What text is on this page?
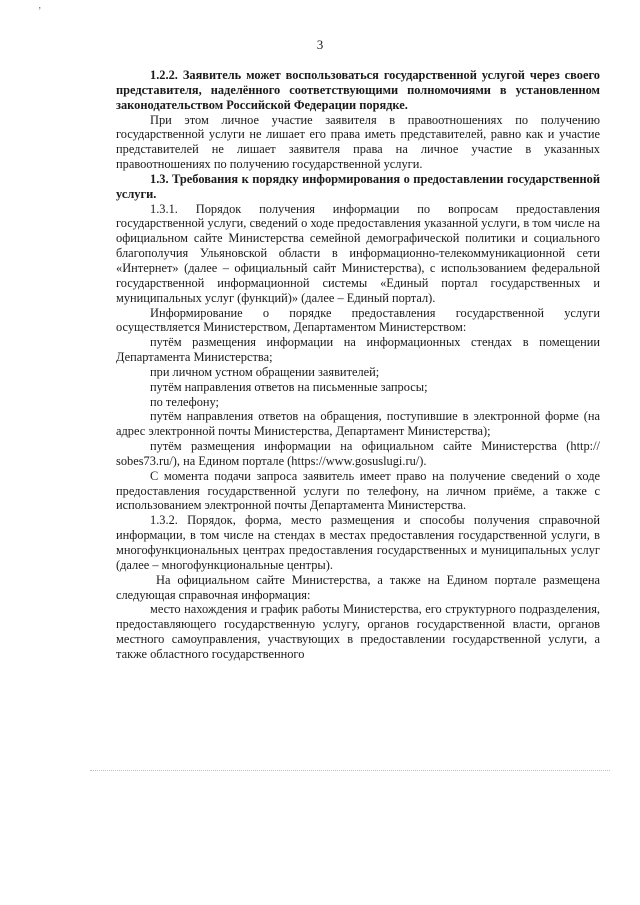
ʼ
3

1.2.2. Заявитель может воспользоваться государственной услугой через своего представителя, наделённого соответствующими полномочиями в установленном законодательством Российской Федерации порядке.

При этом личное участие заявителя в правоотношениях по получению государственной услуги не лишает его права иметь представителей, равно как и участие представителей не лишает заявителя права на личное участие в указанных правоотношениях по получению государственной услуги.

1.3. Требования к порядку информирования о предоставлении государственной услуги.

1.3.1. Порядок получения информации по вопросам предоставления государственной услуги, сведений о ходе предоставления указанной услуги, в том числе на официальном сайте Министерства семейной демографической политики и социального благополучия Ульяновской области в информационно-телекоммуникационной сети «Интернет» (далее – официальный сайт Министерства), с использованием федеральной государственной информационной системы «Единый портал государственных и муниципальных услуг (функций)» (далее – Единый портал).

Информирование о порядке предоставления государственной услуги осуществляется Министерством, Департаментом Министерством:

путём размещения информации на информационных стендах в помещении Департамента Министерства;

при личном устном обращении заявителей;

путём направления ответов на письменные запросы;

по телефону;

путём направления ответов на обращения, поступившие в электронной форме (на адрес электронной почты Министерства, Департамент Министерства);

путём размещения информации на официальном сайте Министерства (http:// sobes73.ru/), на Едином портале (https://www.gosuslugi.ru/).

С момента подачи запроса заявитель имеет право на получение сведений о ходе предоставления государственной услуги по телефону, на личном приёме, а также с использованием электронной почты Департамента Министерства.

1.3.2. Порядок, форма, место размещения и способы получения справочной информации, в том числе на стендах в местах предоставления государственной услуги, в многофункциональных центрах предоставления государственных и муниципальных услуг (далее – многофункциональные центры).

На официальном сайте Министерства, а также на Едином портале размещена следующая справочная информация:

место нахождения и график работы Министерства, его структурного подразделения, предоставляющего государственную услугу, органов государственной власти, органов местного самоуправления, участвующих в предоставлении государственной услуги, а также областного государственного
